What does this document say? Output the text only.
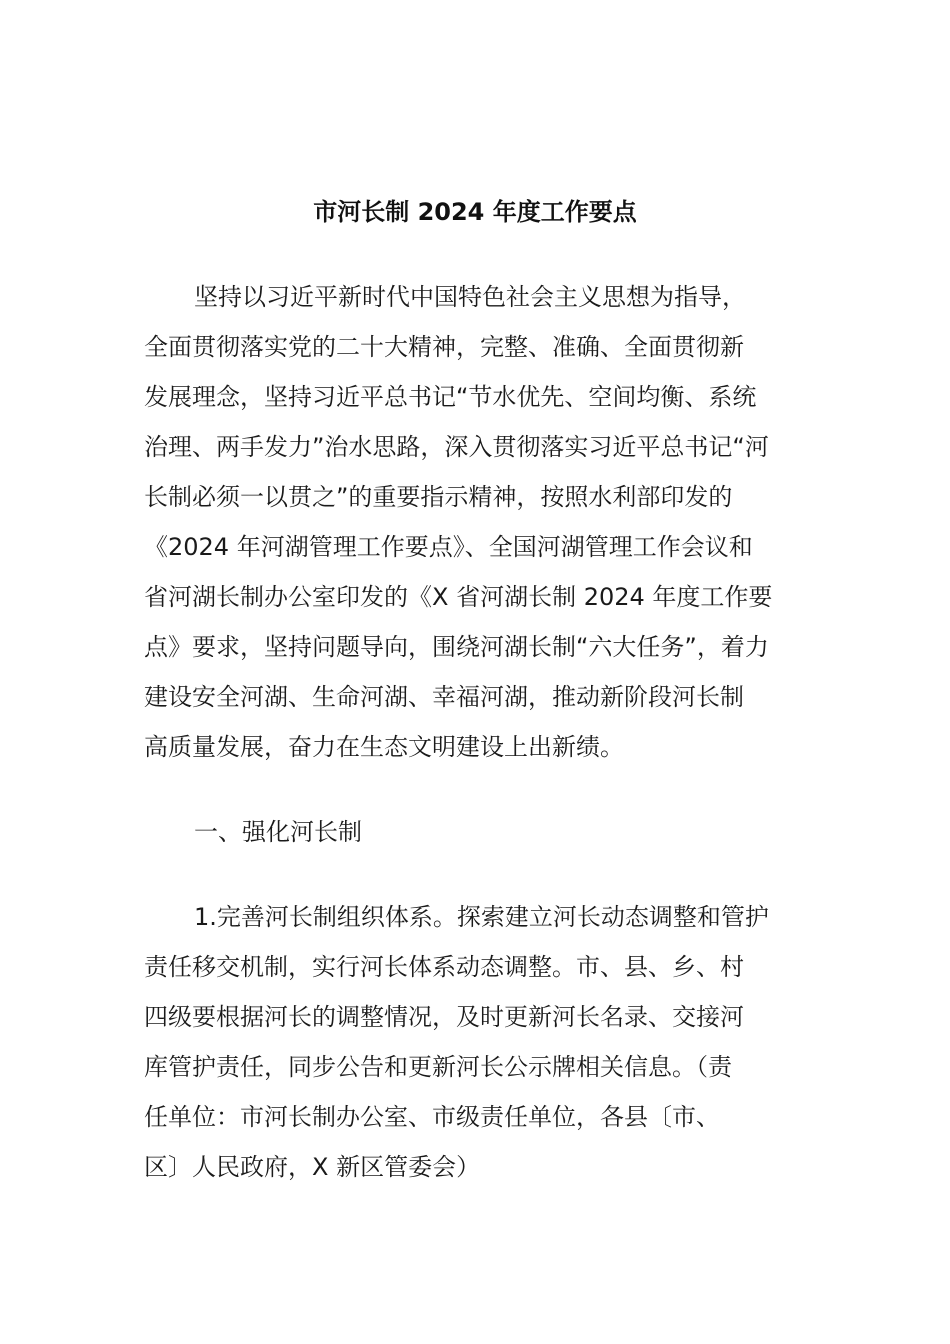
市河长制 2024 年度工作要点
坚持以习近平新时代中国特色社会主义思想为指导，
全面贯彻落实党的二十大精神，完整、准确、全面贯彻新
发展理念，坚持习近平总书记“节水优先、空间均衡、系统
治理、两手发力”治水思路，深入贯彻落实习近平总书记“河
长制必须一以贯之”的重要指示精神，按照水利部印发的
《2024 年河湖管理工作要点》、全国河湖管理工作会议和
省河湖长制办公室印发的《X 省河湖长制 2024 年度工作要
点》要求，坚持问题导向，围绕河湖长制“六大任务”，着力
建设安全河湖、生命河湖、幸福河湖，推动新阶段河长制
高质量发展，奋力在生态文明建设上出新绩。
一、强化河长制
1.完善河长制组织体系。探索建立河长动态调整和管护
责任移交机制，实行河长体系动态调整。市、县、乡、村
四级要根据河长的调整情况，及时更新河长名录、交接河
库管护责任，同步公告和更新河长公示牌相关信息。（责
任单位：市河长制办公室、市级责任单位，各县〔市、
区〕人民政府，X 新区管委会）
